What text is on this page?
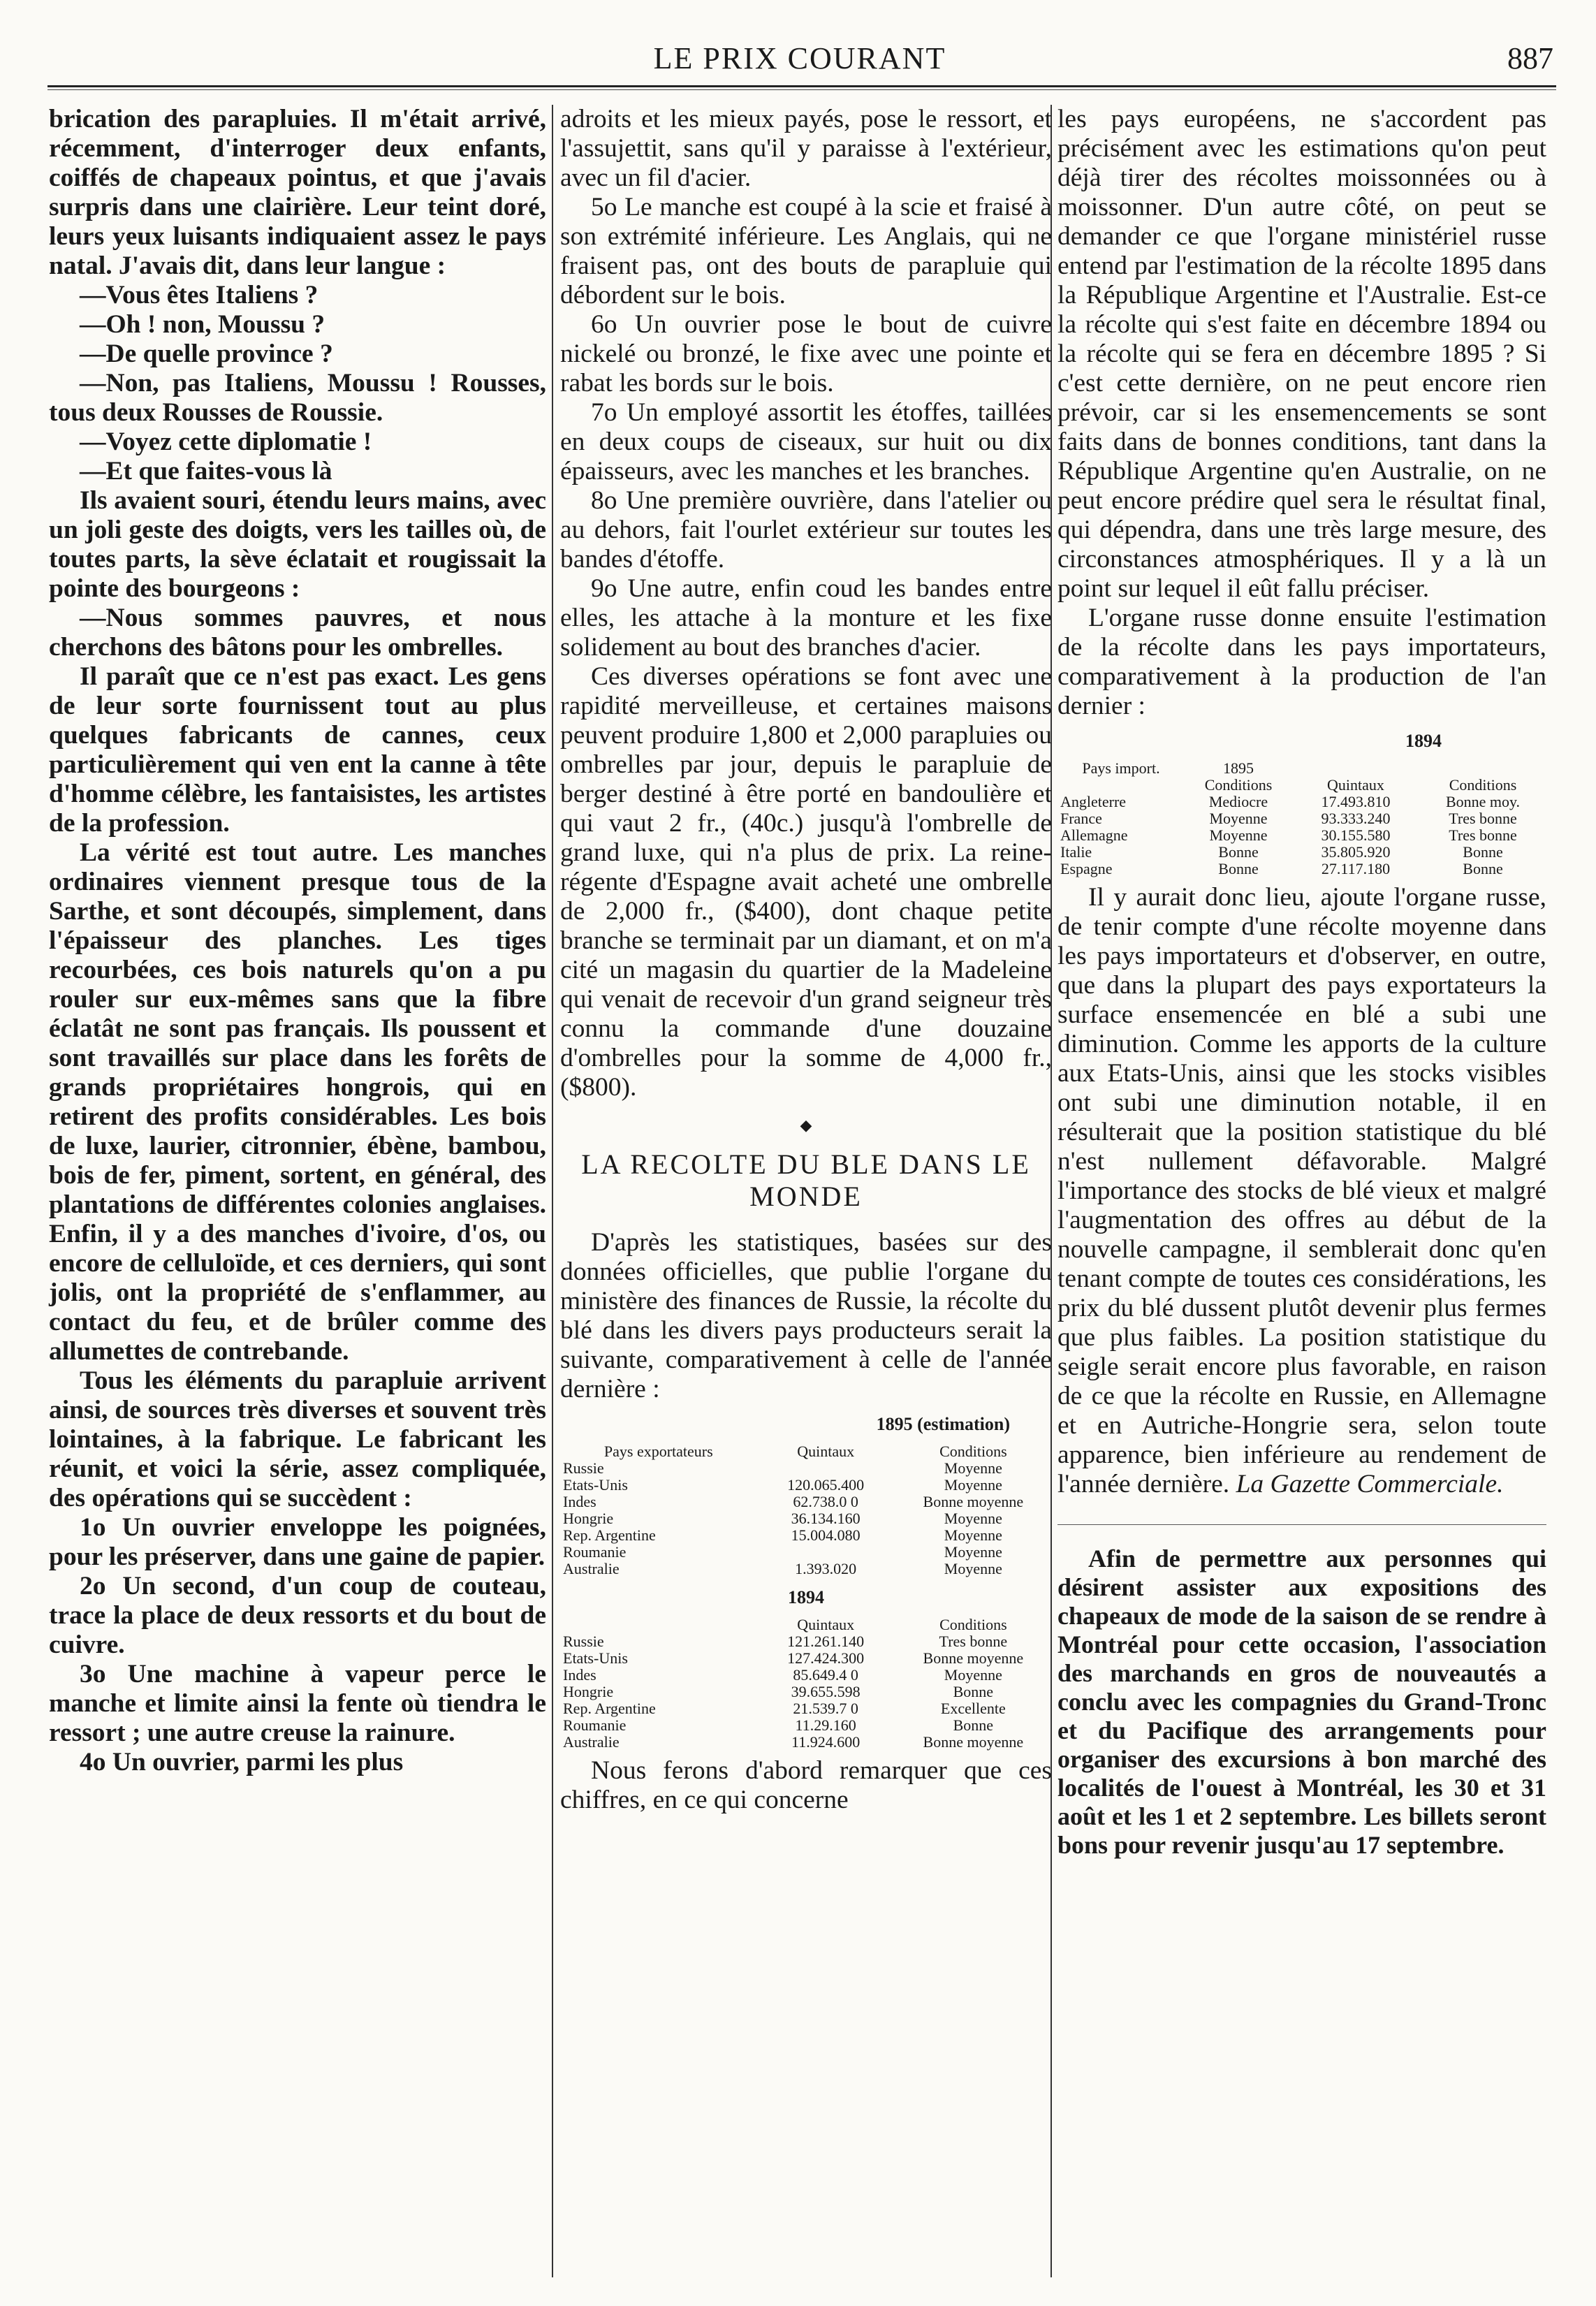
LE PRIX COURANT	887

brication des parapluies. Il m'était arrivé, récemment, d'interroger deux enfants, coiffés de chapeaux pointus, et que j'avais surpris dans une clairière. Leur teint doré, leurs yeux luisants indiquaient assez le pays natal. J'avais dit, dans leur langue :

—Vous êtes Italiens ?

—Oh ! non, Moussu ?

—De quelle province ?

—Non, pas Italiens, Moussu ! Rousses, tous deux Rousses de Roussie.

—Voyez cette diplomatie !

—Et que faites-vous là

Ils avaient souri, étendu leurs mains, avec un joli geste des doigts, vers les tailles où, de toutes parts, la sève éclatait et rougissait la pointe des bourgeons :

—Nous sommes pauvres, et nous cherchons des bâtons pour les ombrelles.

Il paraît que ce n'est pas exact. Les gens de leur sorte fournissent tout au plus quelques fabricants de cannes, ceux particulièrement qui ven ent la canne à tête d'homme célèbre, les fantaisistes, les artistes de la profession.

La vérité est tout autre. Les manches ordinaires viennent presque tous de la Sarthe, et sont découpés, simplement, dans l'épaisseur des planches. Les tiges recourbées, ces bois naturels qu'on a pu rouler sur eux-mêmes sans que la fibre éclatât ne sont pas français. Ils poussent et sont travaillés sur place dans les forêts de grands propriétaires hongrois, qui en retirent des profits considérables. Les bois de luxe, laurier, citronnier, ébène, bambou, bois de fer, piment, sortent, en général, des plantations de différentes colonies anglaises. Enfin, il y a des manches d'ivoire, d'os, ou encore de celluloïde, et ces derniers, qui sont jolis, ont la propriété de s'enflammer, au contact du feu, et de brûler comme des allumettes de contrebande.

Tous les éléments du parapluie arrivent ainsi, de sources très diverses et souvent très lointaines, à la fabrique. Le fabricant les réunit, et voici la série, assez compliquée, des opérations qui se succèdent :

1o Un ouvrier enveloppe les poignées, pour les préserver, dans une gaine de papier.

2o Un second, d'un coup de couteau, trace la place de deux ressorts et du bout de cuivre.

3o Une machine à vapeur perce le manche et limite ainsi la fente où tiendra le ressort ; une autre creuse la rainure.

4o Un ouvrier, parmi les plus

adroits et les mieux payés, pose le ressort, et l'assujettit, sans qu'il y paraisse à l'extérieur, avec un fil d'acier.

5o Le manche est coupé à la scie et fraisé à son extrémité inférieure. Les Anglais, qui ne fraisent pas, ont des bouts de parapluie qui débordent sur le bois.

6o Un ouvrier pose le bout de cuivre nickelé ou bronzé, le fixe avec une pointe et rabat les bords sur le bois.

7o Un employé assortit les étoffes, taillées en deux coups de ciseaux, sur huit ou dix épaisseurs, avec les manches et les branches.

8o Une première ouvrière, dans l'atelier ou au dehors, fait l'ourlet extérieur sur toutes les bandes d'étoffe.

9o Une autre, enfin coud les bandes entre elles, les attache à la monture et les fixe solidement au bout des branches d'acier.

Ces diverses opérations se font avec une rapidité merveilleuse, et certaines maisons peuvent produire 1,800 et 2,000 parapluies ou ombrelles par jour, depuis le parapluie de berger destiné à être porté en bandoulière et qui vaut 2 fr., (40c.) jusqu'à l'ombrelle de grand luxe, qui n'a plus de prix. La reine-régente d'Espagne avait acheté une ombrelle de 2,000 fr., ($400), dont chaque petite branche se terminait par un diamant, et on m'a cité un magasin du quartier de la Madeleine qui venait de recevoir d'un grand seigneur très connu la commande d'une douzaine d'ombrelles pour la somme de 4,000 fr., ($800).

◆
LA RECOLTE DU BLE DANS LE MONDE

D'après les statistiques, basées sur des données officielles, que publie l'organe du ministère des finances de Russie, la récolte du blé dans les divers pays producteurs serait la suivante, comparativement à celle de l'année dernière :

1895 (estimation)
Pays exportateurs	Quintaux	Conditions
Russie		Moyenne
Etats-Unis	120.065.400	Moyenne
Indes	62.738.0 0	Bonne moyenne
Hongrie	36.134.160	Moyenne
Rep. Argentine	15.004.080	Moyenne
Roumanie		Moyenne
Australie	1.393.020	Moyenne
1894
	Quintaux	Conditions
Russie	121.261.140	Tres bonne
Etats-Unis	127.424.300	Bonne moyenne
Indes	85.649.4 0	Moyenne
Hongrie	39.655.598	Bonne
Rep. Argentine	21.539.7 0	Excellente
Roumanie	11.29.160	Bonne
Australie	11.924.600	Bonne moyenne

Nous ferons d'abord remarquer que ces chiffres, en ce qui concerne

les pays européens, ne s'accordent pas précisément avec les estimations qu'on peut déjà tirer des récoltes moissonnées ou à moissonner. D'un autre côté, on peut se demander ce que l'organe ministériel russe entend par l'estimation de la récolte 1895 dans la République Argentine et l'Australie. Est-ce la récolte qui s'est faite en décembre 1894 ou la récolte qui se fera en décembre 1895 ? Si c'est cette dernière, on ne peut encore rien prévoir, car si les ensemencements se sont faits dans de bonnes conditions, tant dans la République Argentine qu'en Australie, on ne peut encore prédire quel sera le résultat final, qui dépendra, dans une très large mesure, des circonstances atmosphériques. Il y a là un point sur lequel il eût fallu préciser.

L'organe russe donne ensuite l'estimation de la récolte dans les pays importateurs, comparativement à la production de l'an dernier :

1894
Pays import.	1895		
	Conditions	Quintaux	Conditions
Angleterre	Mediocre	17.493.810	Bonne moy.
France	Moyenne	93.333.240	Tres bonne
Allemagne	Moyenne	30.155.580	Tres bonne
Italie	Bonne	35.805.920	Bonne
Espagne	Bonne	27.117.180	Bonne

Il y aurait donc lieu, ajoute l'organe russe, de tenir compte d'une récolte moyenne dans les pays importateurs et d'observer, en outre, que dans la plupart des pays exportateurs la surface ensemencée en blé a subi une diminution. Comme les apports de la culture aux Etats-Unis, ainsi que les stocks visibles ont subi une diminution notable, il en résulterait que la position statistique du blé n'est nullement défavorable. Malgré l'importance des stocks de blé vieux et malgré l'augmentation des offres au début de la nouvelle campagne, il semblerait donc qu'en tenant compte de toutes ces considérations, les prix du blé dussent plutôt devenir plus fermes que plus faibles. La position statistique du seigle serait encore plus favorable, en raison de ce que la récolte en Russie, en Allemagne et en Autriche-Hongrie sera, selon toute apparence, bien inférieure au rendement de l'année dernière. La Gazette Commerciale.

Afin de permettre aux personnes qui désirent assister aux expositions des chapeaux de mode de la saison de se rendre à Montréal pour cette occasion, l'association des marchands en gros de nouveautés a conclu avec les compagnies du Grand-Tronc et du Pacifique des arrangements pour organiser des excursions à bon marché des localités de l'ouest à Montréal, les 30 et 31 août et les 1 et 2 septembre. Les billets seront bons pour revenir jusqu'au 17 septembre.
